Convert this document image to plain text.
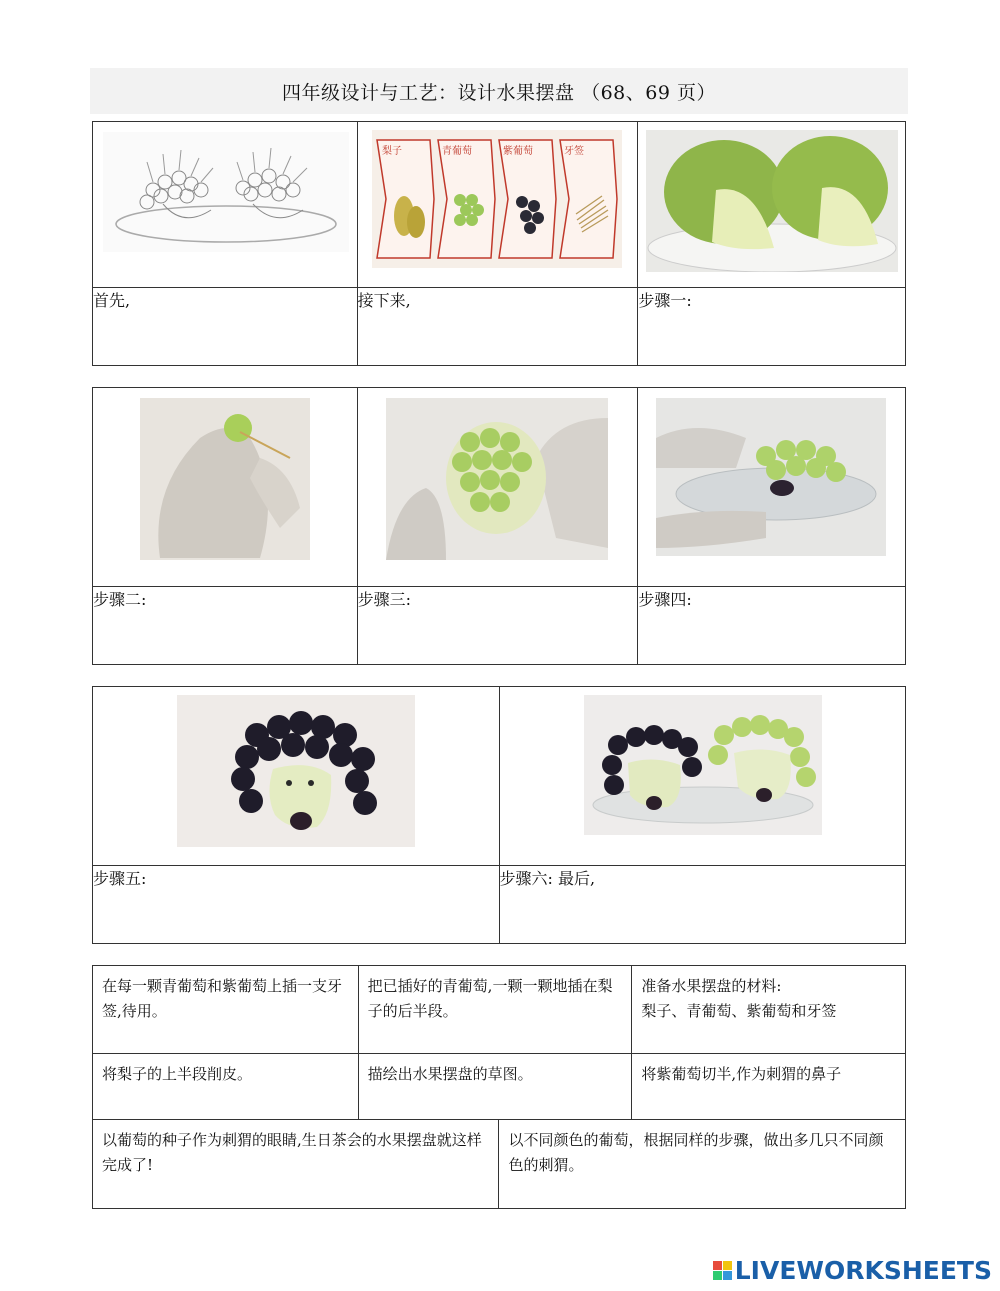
四年级设计与工艺：设计水果摆盘 （68、69 页）

梨子 青葡萄 紫葡萄 牙签

首先,	接下来,	步骤一:

步骤二:	步骤三:	步骤四:

步骤五:	步骤六: 最后,
在每一颗青葡萄和紫葡萄上插一支牙签,待用。	把已插好的青葡萄,一颗一颗地插在梨子的后半段。	准备水果摆盘的材料:
梨子、青葡萄、紫葡萄和牙签
将梨子的上半段削皮。	描绘出水果摆盘的草图。	将紫葡萄切半,作为刺猬的鼻子
以葡萄的种子作为刺猬的眼睛,生日茶会的水果摆盘就这样完成了!	以不同颜色的葡萄，根据同样的步骤，做出多几只不同颜色的刺猬。
LIVEWORKSHEETS
